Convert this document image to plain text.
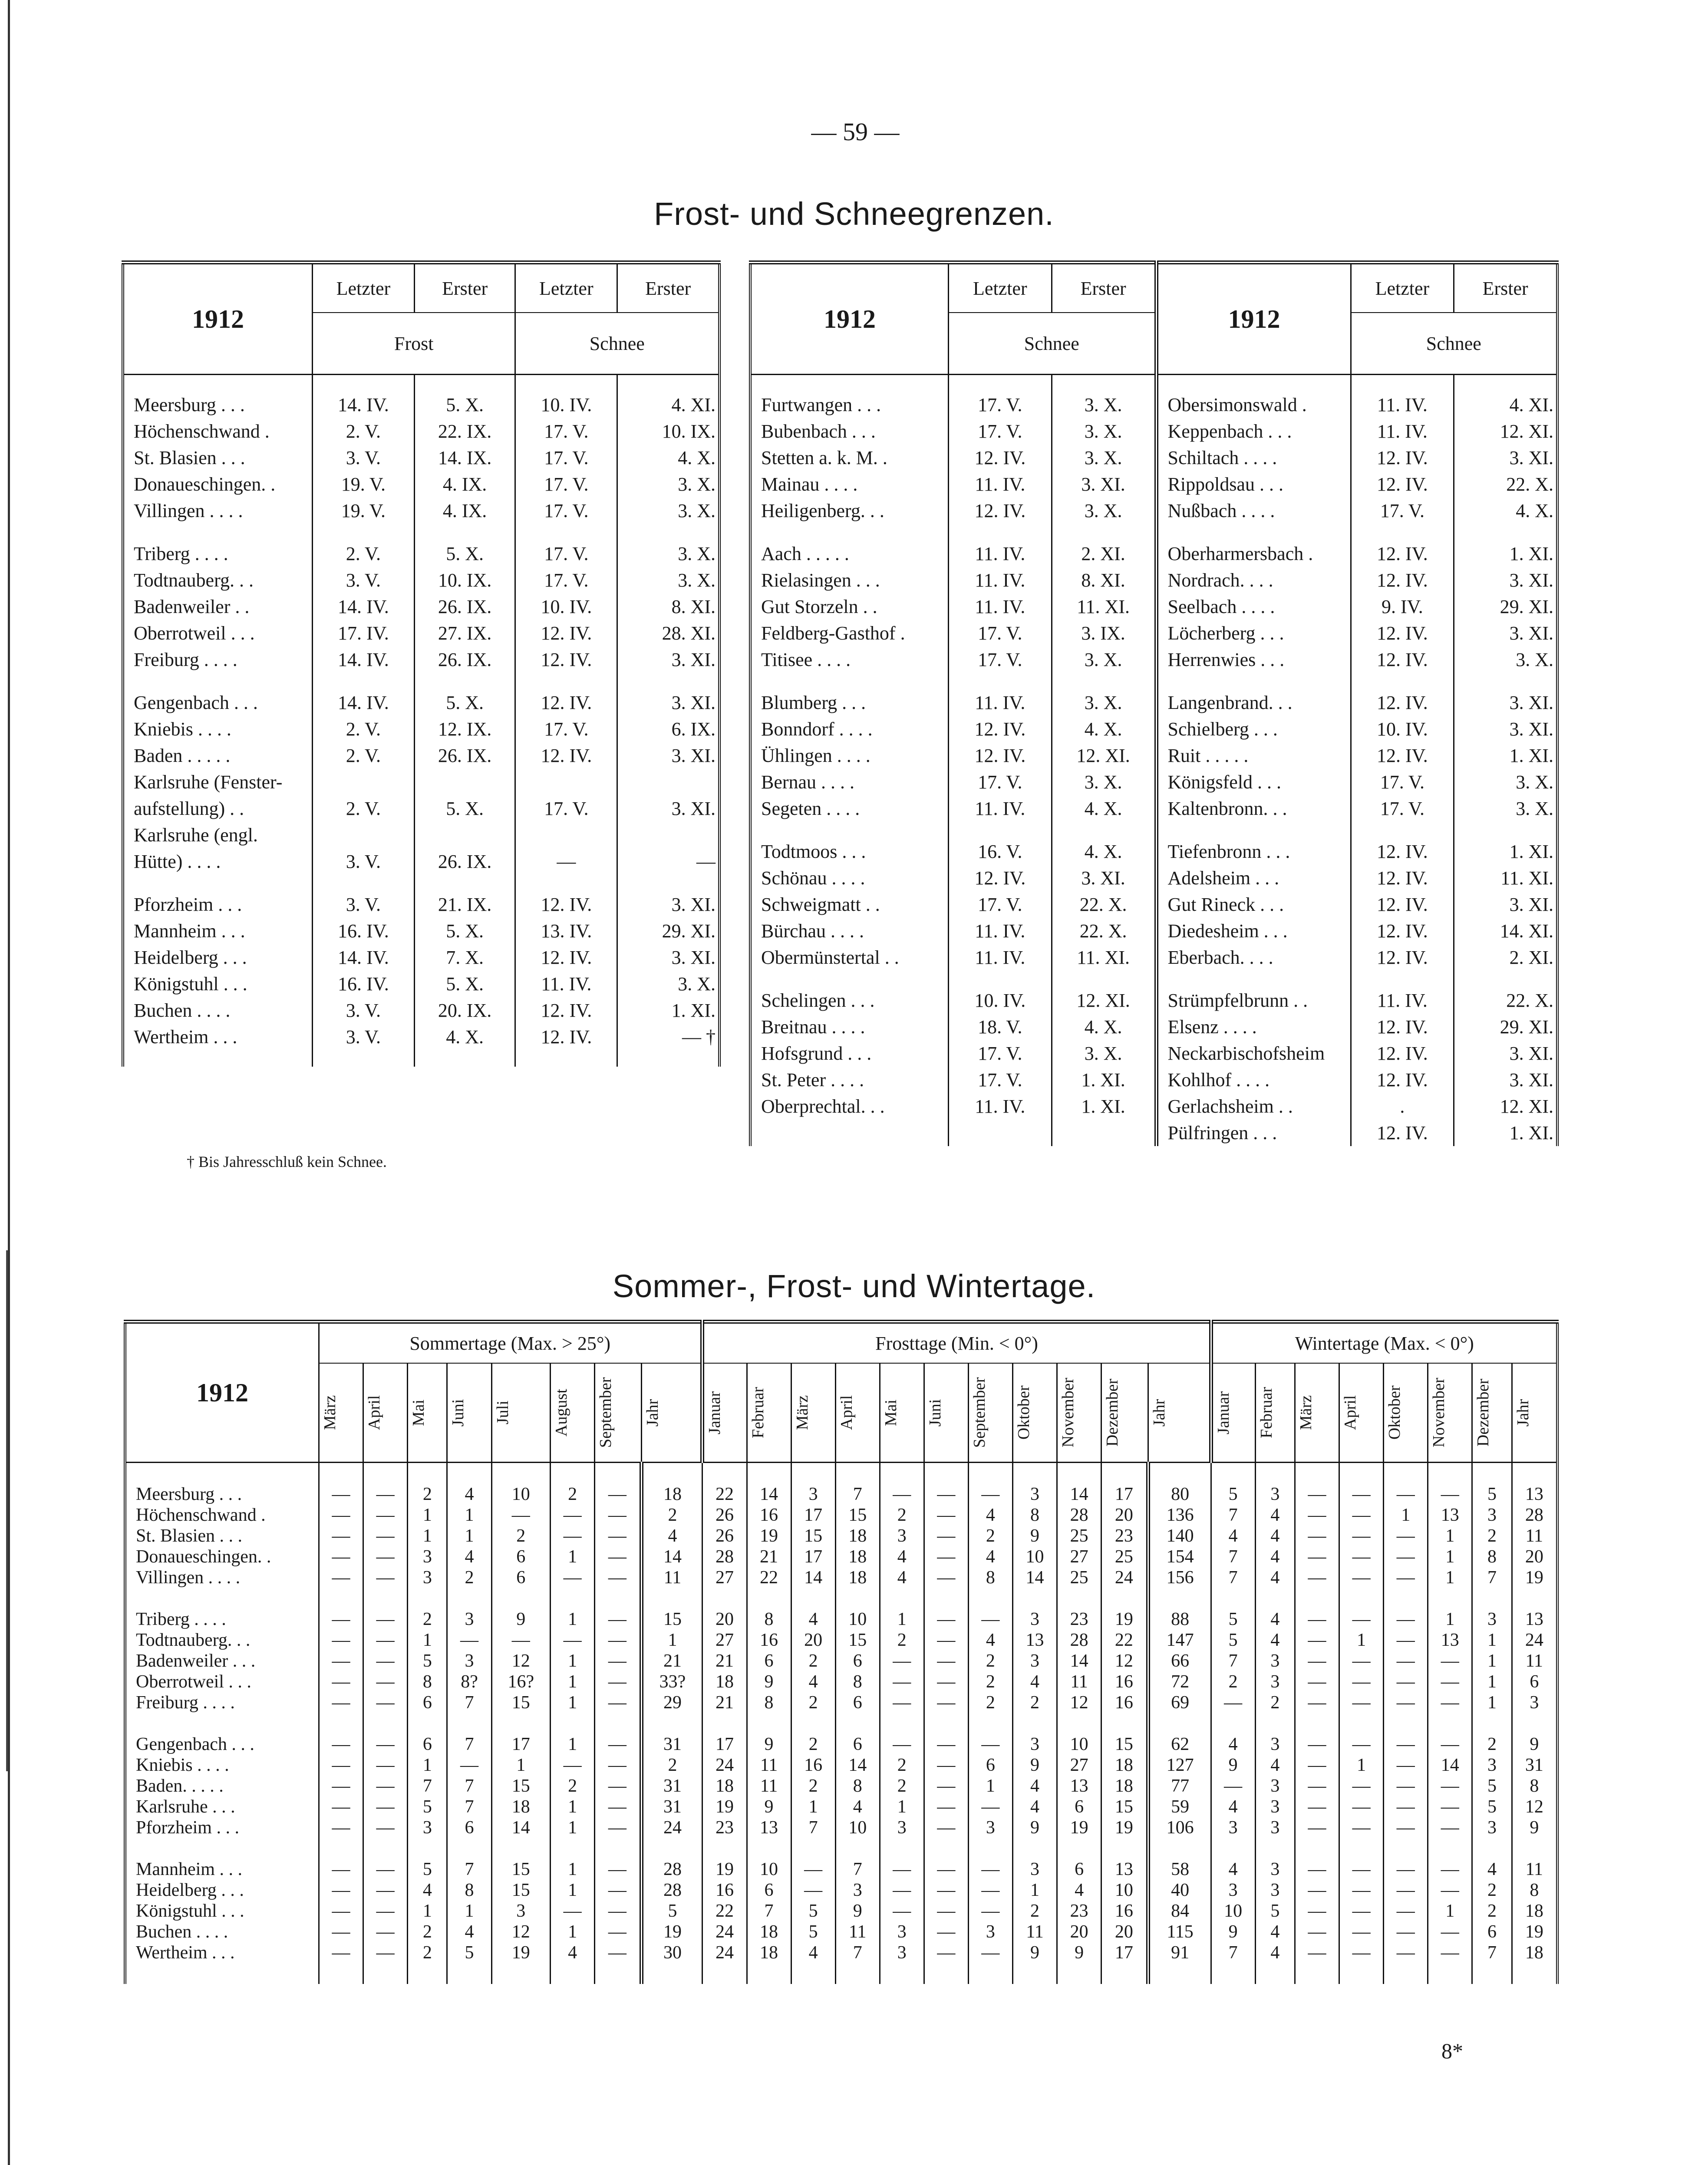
— 59 —
Frost- und Schneegrenzen.
1912	Letzter	Erster	Letzter	Erster
	Frost		Schnee	

Meersburg . . .	14. IV.	5. X.	10. IV.	4. XI.
Höchenschwand .	2. V.	22. IX.	17. V.	10. IX.
St. Blasien . . .	3. V.	14. IX.	17. V.	4. X.
Donaueschingen. .	19. V.	4. IX.	17. V.	3. X.
Villingen . . . .	19. V.	4. IX.	17. V.	3. X.

Triberg . . . .	2. V.	5. X.	17. V.	3. X.
Todtnauberg. . .	3. V.	10. IX.	17. V.	3. X.
Badenweiler . .	14. IV.	26. IX.	10. IV.	8. XI.
Oberrotweil . . .	17. IV.	27. IX.	12. IV.	28. XI.
Freiburg . . . .	14. IV.	26. IX.	12. IV.	3. XI.

Gengenbach . . .	14. IV.	5. X.	12. IV.	3. XI.
Kniebis . . . .	2. V.	12. IX.	17. V.	6. IX.
Baden . . . . .	2. V.	26. IX.	12. IV.	3. XI.
Karlsruhe (Fenster-				
aufstellung) . .	2. V.	5. X.	17. V.	3. XI.
Karlsruhe (engl.				
Hütte) . . . .	3. V.	26. IX.	—	—

Pforzheim . . .	3. V.	21. IX.	12. IV.	3. XI.
Mannheim . . .	16. IV.	5. X.	13. IV.	29. XI.
Heidelberg . . .	14. IV.	7. X.	12. IV.	3. XI.
Königstuhl . . .	16. IV.	5. X.	11. IV.	3. X.
Buchen . . . .	3. V.	20. IX.	12. IV.	1. XI.
Wertheim . . .	3. V.	4. X.	12. IV.	— †

1912	Letzter	Erster	1912	Letzter	Erster
	Schnee			Schnee	

Furtwangen . . .	17. V.	3. X.	Obersimonswald .	11. IV.	4. XI.
Bubenbach . . .	17. V.	3. X.	Keppenbach . . .	11. IV.	12. XI.
Stetten a. k. M. .	12. IV.	3. X.	Schiltach . . . .	12. IV.	3. XI.
Mainau . . . .	11. IV.	3. XI.	Rippoldsau . . .	12. IV.	22. X.
Heiligenberg. . .	12. IV.	3. X.	Nußbach . . . .	17. V.	4. X.

Aach . . . . .	11. IV.	2. XI.	Oberharmersbach .	12. IV.	1. XI.
Rielasingen . . .	11. IV.	8. XI.	Nordrach. . . .	12. IV.	3. XI.
Gut Storzeln . .	11. IV.	11. XI.	Seelbach . . . .	9. IV.	29. XI.
Feldberg-Gasthof .	17. V.	3. IX.	Löcherberg . . .	12. IV.	3. XI.
Titisee . . . .	17. V.	3. X.	Herrenwies . . .	12. IV.	3. X.

Blumberg . . .	11. IV.	3. X.	Langenbrand. . .	12. IV.	3. XI.
Bonndorf . . . .	12. IV.	4. X.	Schielberg . . .	10. IV.	3. XI.
Ühlingen . . . .	12. IV.	12. XI.	Ruit . . . . .	12. IV.	1. XI.
Bernau . . . .	17. V.	3. X.	Königsfeld . . .	17. V.	3. X.
Segeten . . . .	11. IV.	4. X.	Kaltenbronn. . .	17. V.	3. X.

Todtmoos . . .	16. V.	4. X.	Tiefenbronn . . .	12. IV.	1. XI.
Schönau . . . .	12. IV.	3. XI.	Adelsheim . . .	12. IV.	11. XI.
Schweigmatt . .	17. V.	22. X.	Gut Rineck . . .	12. IV.	3. XI.
Bürchau . . . .	11. IV.	22. X.	Diedesheim . . .	12. IV.	14. XI.
Obermünstertal . .	11. IV.	11. XI.	Eberbach. . . .	12. IV.	2. XI.

Schelingen . . .	10. IV.	12. XI.	Strümpfelbrunn . .	11. IV.	22. X.
Breitnau . . . .	18. V.	4. X.	Elsenz . . . .	12. IV.	29. XI.
Hofsgrund . . .	17. V.	3. X.	Neckarbischofsheim	12. IV.	3. XI.
St. Peter . . . .	17. V.	1. XI.	Kohlhof . . . .	12. IV.	3. XI.
Oberprechtal. . .	11. IV.	1. XI.	Gerlachsheim . .	.	12. XI.
			Pülfringen . . .	12. IV.	1. XI.
† Bis Jahresschluß kein Schnee.
Sommer-, Frost- und Wintertage.
1912	Sommertage (Max. > 25°)								Frosttage (Min. < 0°)											Wintertage (Max. < 0°)							

	März	April	Mai	Juni	Juli	August	September	Jahr	Januar	Februar	März	April	Mai	Juni	September	Oktober	November	Dezember	Jahr	Januar	Februar	März	April	Oktober	November	Dezember	Jahr

Meersburg . . .	—	—	2	4	10	2	—	18	22	14	3	7	—	—	—	3	14	17	80	5	3	—	—	—	—	5	13
Höchenschwand .	—	—	1	1	—	—	—	2	26	16	17	15	2	—	4	8	28	20	136	7	4	—	—	1	13	3	28
St. Blasien . . .	—	—	1	1	2	—	—	4	26	19	15	18	3	—	2	9	25	23	140	4	4	—	—	—	1	2	11
Donaueschingen. .	—	—	3	4	6	1	—	14	28	21	17	18	4	—	4	10	27	25	154	7	4	—	—	—	1	8	20
Villingen . . . .	—	—	3	2	6	—	—	11	27	22	14	18	4	—	8	14	25	24	156	7	4	—	—	—	1	7	19

Triberg . . . .	—	—	2	3	9	1	—	15	20	8	4	10	1	—	—	3	23	19	88	5	4	—	—	—	1	3	13
Todtnauberg. . .	—	—	1	—	—	—	—	1	27	16	20	15	2	—	4	13	28	22	147	5	4	—	1	—	13	1	24
Badenweiler . . .	—	—	5	3	12	1	—	21	21	6	2	6	—	—	2	3	14	12	66	7	3	—	—	—	—	1	11
Oberrotweil . . .	—	—	8	8?	16?	1	—	33?	18	9	4	8	—	—	2	4	11	16	72	2	3	—	—	—	—	1	6
Freiburg . . . .	—	—	6	7	15	1	—	29	21	8	2	6	—	—	2	2	12	16	69	—	2	—	—	—	—	1	3

Gengenbach . . .	—	—	6	7	17	1	—	31	17	9	2	6	—	—	—	3	10	15	62	4	3	—	—	—	—	2	9
Kniebis . . . .	—	—	1	—	1	—	—	2	24	11	16	14	2	—	6	9	27	18	127	9	4	—	1	—	14	3	31
Baden. . . . .	—	—	7	7	15	2	—	31	18	11	2	8	2	—	1	4	13	18	77	—	3	—	—	—	—	5	8
Karlsruhe . . .	—	—	5	7	18	1	—	31	19	9	1	4	1	—	—	4	6	15	59	4	3	—	—	—	—	5	12
Pforzheim . . .	—	—	3	6	14	1	—	24	23	13	7	10	3	—	3	9	19	19	106	3	3	—	—	—	—	3	9

Mannheim . . .	—	—	5	7	15	1	—	28	19	10	—	7	—	—	—	3	6	13	58	4	3	—	—	—	—	4	11
Heidelberg . . .	—	—	4	8	15	1	—	28	16	6	—	3	—	—	—	1	4	10	40	3	3	—	—	—	—	2	8
Königstuhl . . .	—	—	1	1	3	—	—	5	22	7	5	9	—	—	—	2	23	16	84	10	5	—	—	—	1	2	18
Buchen . . . .	—	—	2	4	12	1	—	19	24	18	5	11	3	—	3	11	20	20	115	9	4	—	—	—	—	6	19
Wertheim . . .	—	—	2	5	19	4	—	30	24	18	4	7	3	—	—	9	9	17	91	7	4	—	—	—	—	7	18

8*
